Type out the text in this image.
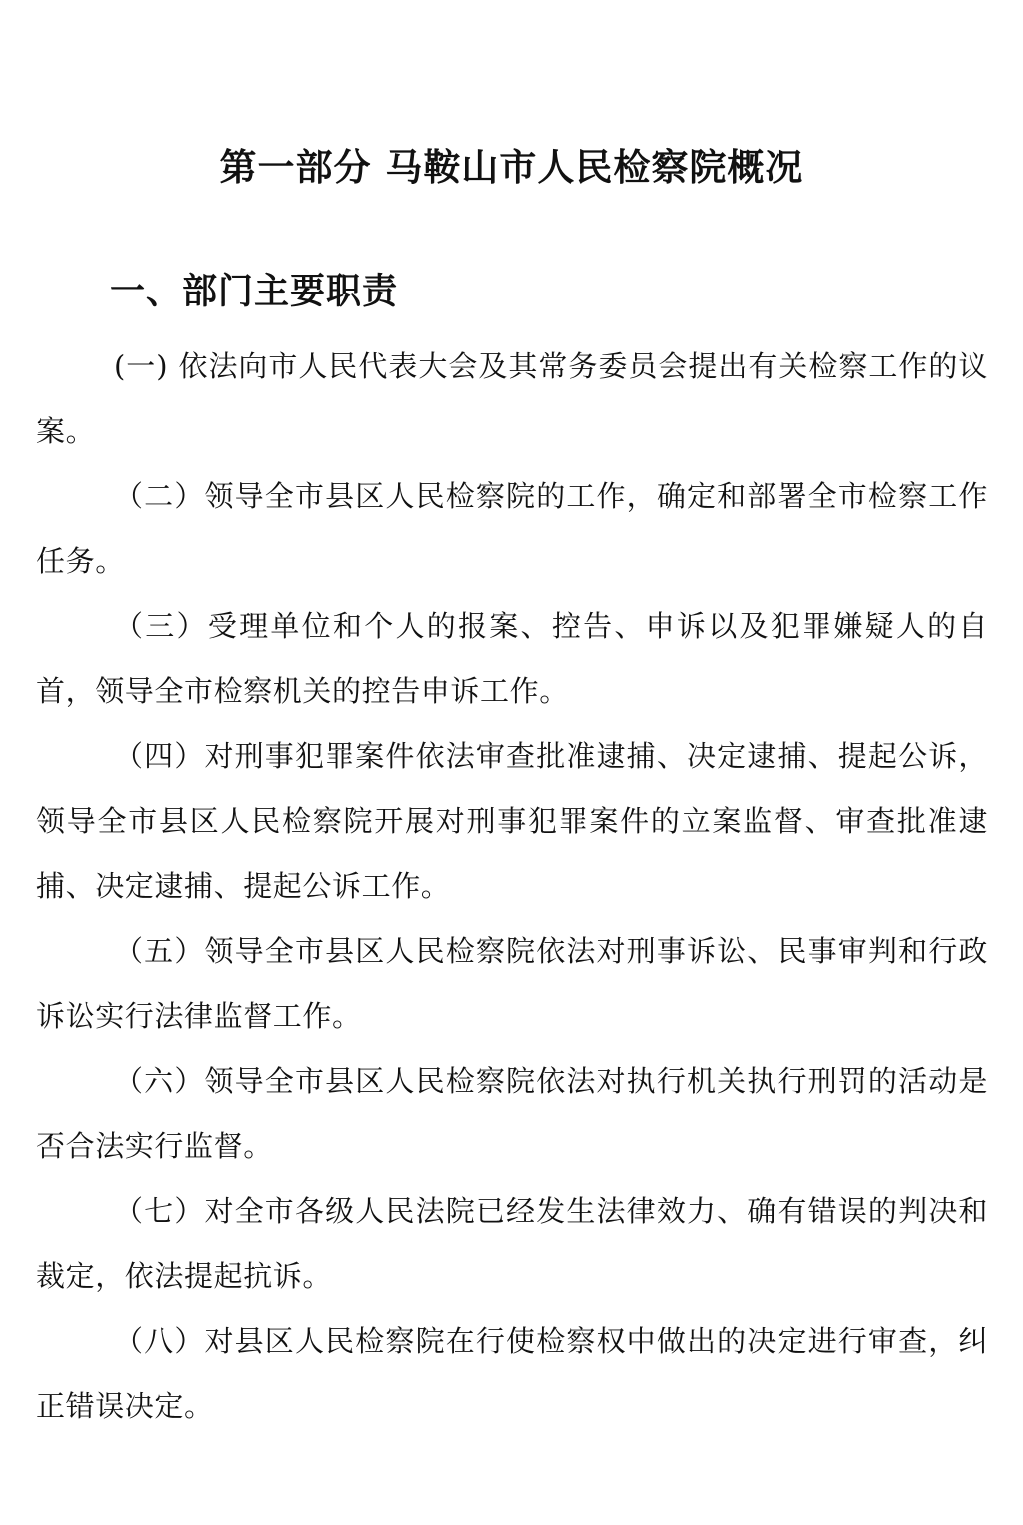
第一部分 马鞍山市人民检察院概况
一、部门主要职责

(一) 依法向市人民代表大会及其常务委员会提出有关检察工作的议案。

（二）领导全市县区人民检察院的工作，确定和部署全市检察工作任务。

（三）受理单位和个人的报案、控告、申诉以及犯罪嫌疑人的自首，领导全市检察机关的控告申诉工作。

（四）对刑事犯罪案件依法审查批准逮捕、决定逮捕、提起公诉，领导全市县区人民检察院开展对刑事犯罪案件的立案监督、审查批准逮捕、决定逮捕、提起公诉工作。

（五）领导全市县区人民检察院依法对刑事诉讼、民事审判和行政诉讼实行法律监督工作。

（六）领导全市县区人民检察院依法对执行机关执行刑罚的活动是否合法实行监督。

（七）对全市各级人民法院已经发生法律效力、确有错误的判决和裁定，依法提起抗诉。

（八）对县区人民检察院在行使检察权中做出的决定进行审查，纠正错误决定。
